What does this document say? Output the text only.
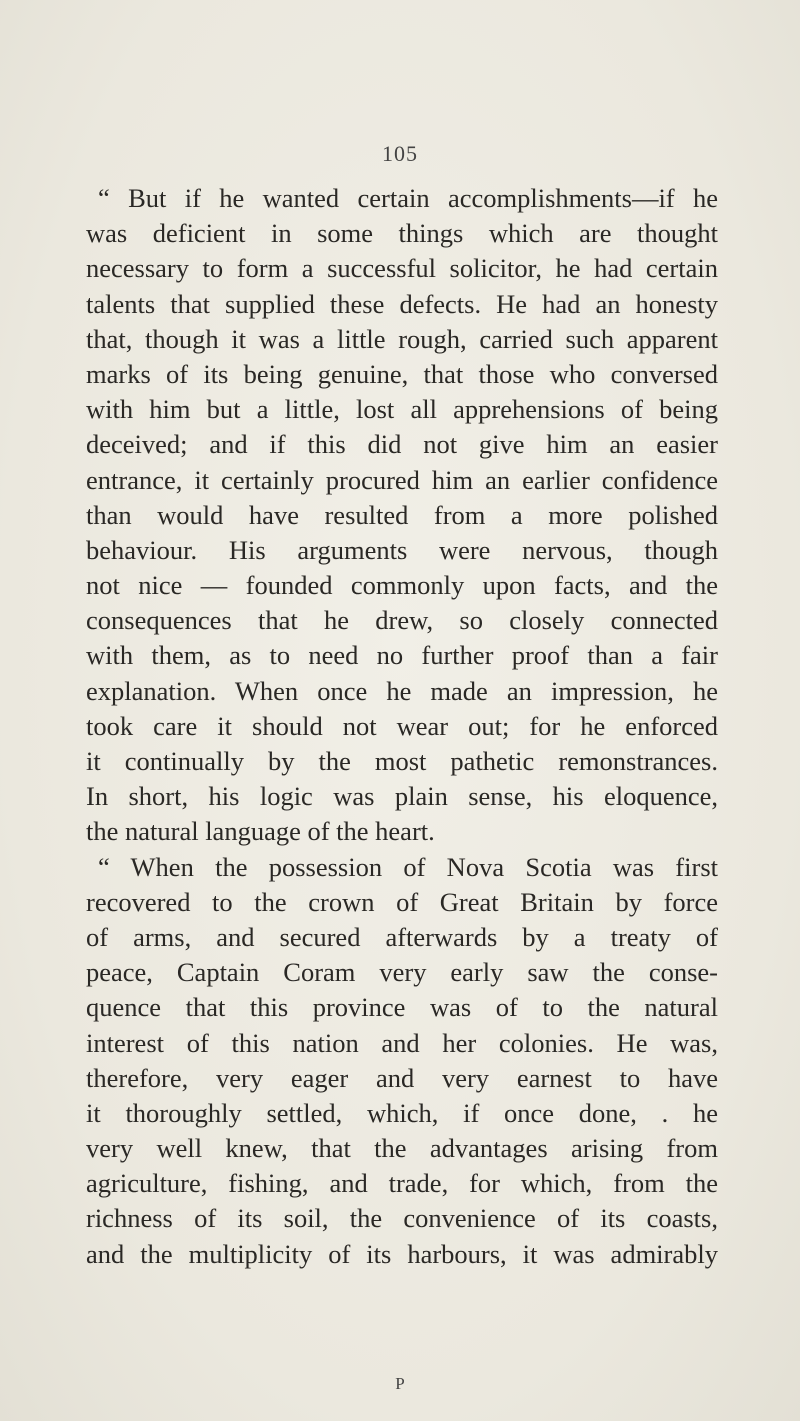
105
“ But if he wanted certain accomplishments—if he
was deficient in some things which are thought
necessary to form a successful solicitor, he had certain
talents that supplied these defects. He had an honesty
that, though it was a little rough, carried such apparent
marks of its being genuine, that those who conversed
with him but a little, lost all apprehensions of being
deceived; and if this did not give him an easier
entrance, it certainly procured him an earlier confidence
than would have resulted from a more polished
behaviour. His arguments were nervous, though
not nice — founded commonly upon facts, and the
consequences that he drew, so closely connected
with them, as to need no further proof than a fair
explanation. When once he made an impression, he
took care it should not wear out; for he enforced
it continually by the most pathetic remonstrances.
In short, his logic was plain sense, his eloquence,
the natural language of the heart.
“ When the possession of Nova Scotia was first
recovered to the crown of Great Britain by force
of arms, and secured afterwards by a treaty of
peace, Captain Coram very early saw the conse-
quence that this province was of to the natural
interest of this nation and her colonies. He was,
therefore, very eager and very earnest to have
it thoroughly settled, which, if once done, . he
very well knew, that the advantages arising from
agriculture, fishing, and trade, for which, from the
richness of its soil, the convenience of its coasts,
and the multiplicity of its harbours, it was admirably
P
